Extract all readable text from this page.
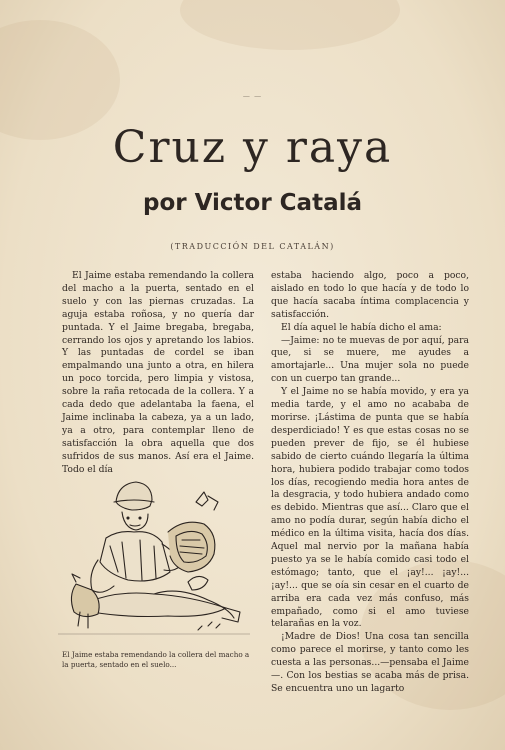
— —
Cruz y raya
por Victor Catalá
(TRADUCCIÓN DEL CATALÁN)

El Jaime estaba remendando la collera del macho a la puerta, sentado en el suelo y con las piernas cruzadas. La aguja estaba roñosa, y no quería dar puntada. Y el Jaime bregaba, bregaba, cerrando los ojos y apretando los labios. Y las puntadas de cordel se iban empalmando una junto a otra, en hilera un poco torcida, pero limpia y vistosa, sobre la raña retocada de la collera. Y a cada dedo que adelantaba la faena, el Jaime inclinaba la cabeza, ya a un lado, ya a otro, para contemplar lleno de satisfacción la obra aquella que dos sufridos de sus manos. Así era el Jaime. Todo el día

El Jaime estaba remendando la collera del macho a la puerta, sentado en el suelo...

estaba haciendo algo, poco a poco, aislado en todo lo que hacía y de todo lo que hacía sacaba íntima complacencia y satisfacción.

El día aquel le había dicho el ama:

—Jaime: no te muevas de por aquí, para que, si se muere, me ayudes a amortajarle... Una mujer sola no puede con un cuerpo tan grande...

Y el Jaime no se había movido, y era ya media tarde, y el amo no acababa de morirse. ¡Lástima de punta que se había desperdiciado! Y es que estas cosas no se pueden prever de fijo, se él hubiese sabido de cierto cuándo llegaría la última hora, hubiera podido trabajar como todos los días, recogiendo media hora antes de la desgracia, y todo hubiera andado como es debido. Mientras que así... Claro que el amo no podía durar, según había dicho el médico en la última visita, hacía dos días. Aquel mal nervio por la mañana había puesto ya se le había comido casi todo el estómago; tanto, que el ¡ay!... ¡ay!... ¡ay!... que se oía sin cesar en el cuarto de arriba era cada vez más confuso, más empañado, como si el amo tuviese telarañas en la voz.

¡Madre de Dios! Una cosa tan sencilla como parece el morirse, y tanto como les cuesta a las personas...—pensaba el Jaime—. Con los bestias se acaba más de prisa. Se encuentra uno un lagarto
